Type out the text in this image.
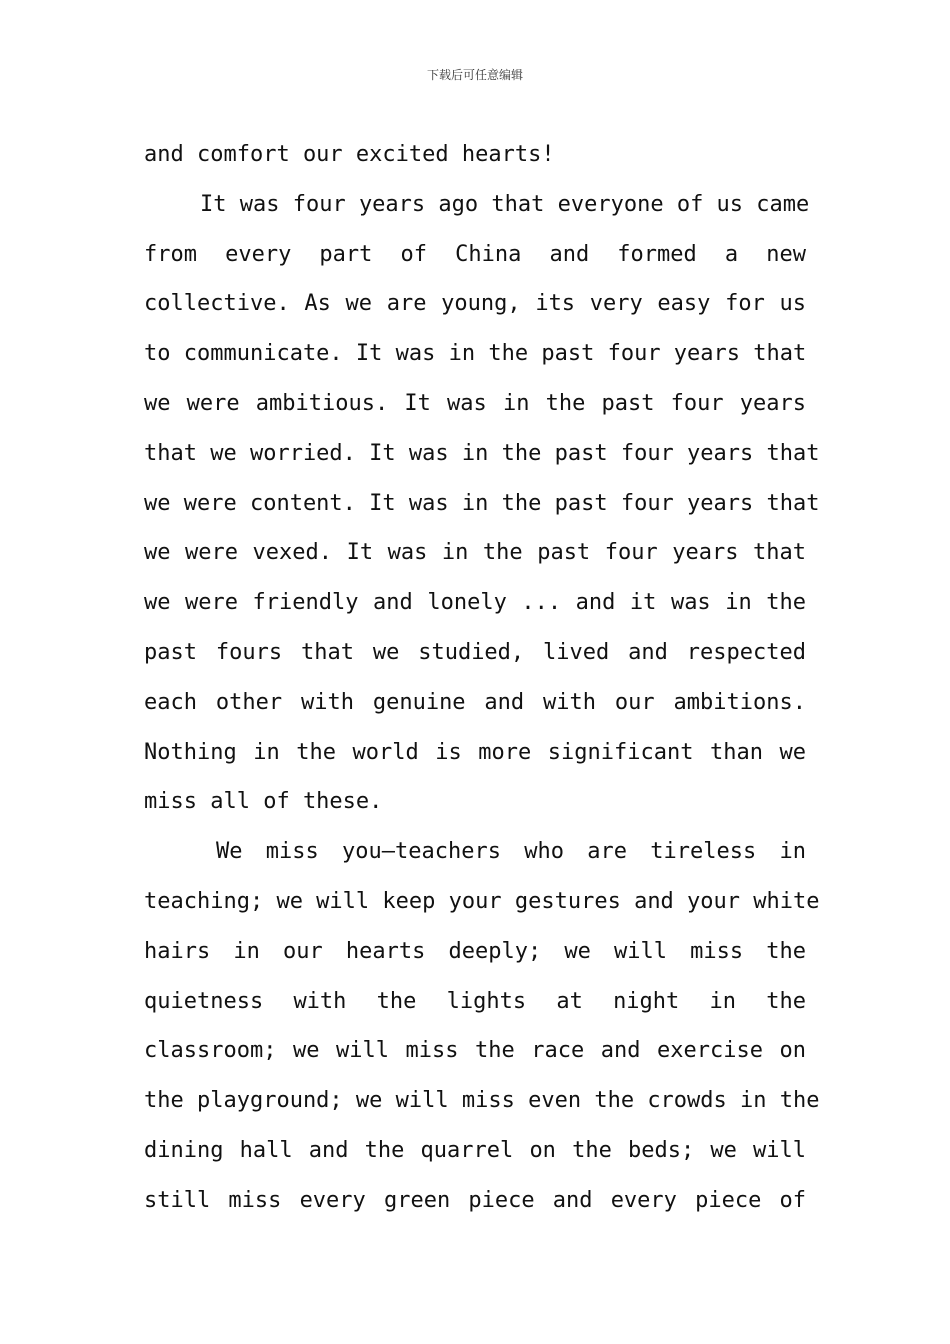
下载后可任意编辑
and comfort our excited hearts!
It was four years ago that everyone of us came
from every part of China and formed a new
collective. As we are young, its very easy for us
to communicate. It was in the past four years that
we were ambitious. It was in the past four years
that we worried. It was in the past four years that
we were content. It was in the past four years that
we were vexed. It was in the past four years that
we were friendly and lonely ... and it was in the
past fours that we studied, lived and respected
each other with genuine and with our ambitions.
Nothing in the world is more significant than we
miss all of these.
We miss you—teachers who are tireless in
teaching; we will keep your gestures and your white
hairs in our hearts deeply; we will miss the
quietness with the lights at night in the
classroom; we will miss the race and exercise on
the playground; we will miss even the crowds in the
dining hall and the quarrel on the beds; we will
still miss every green piece and every piece of
